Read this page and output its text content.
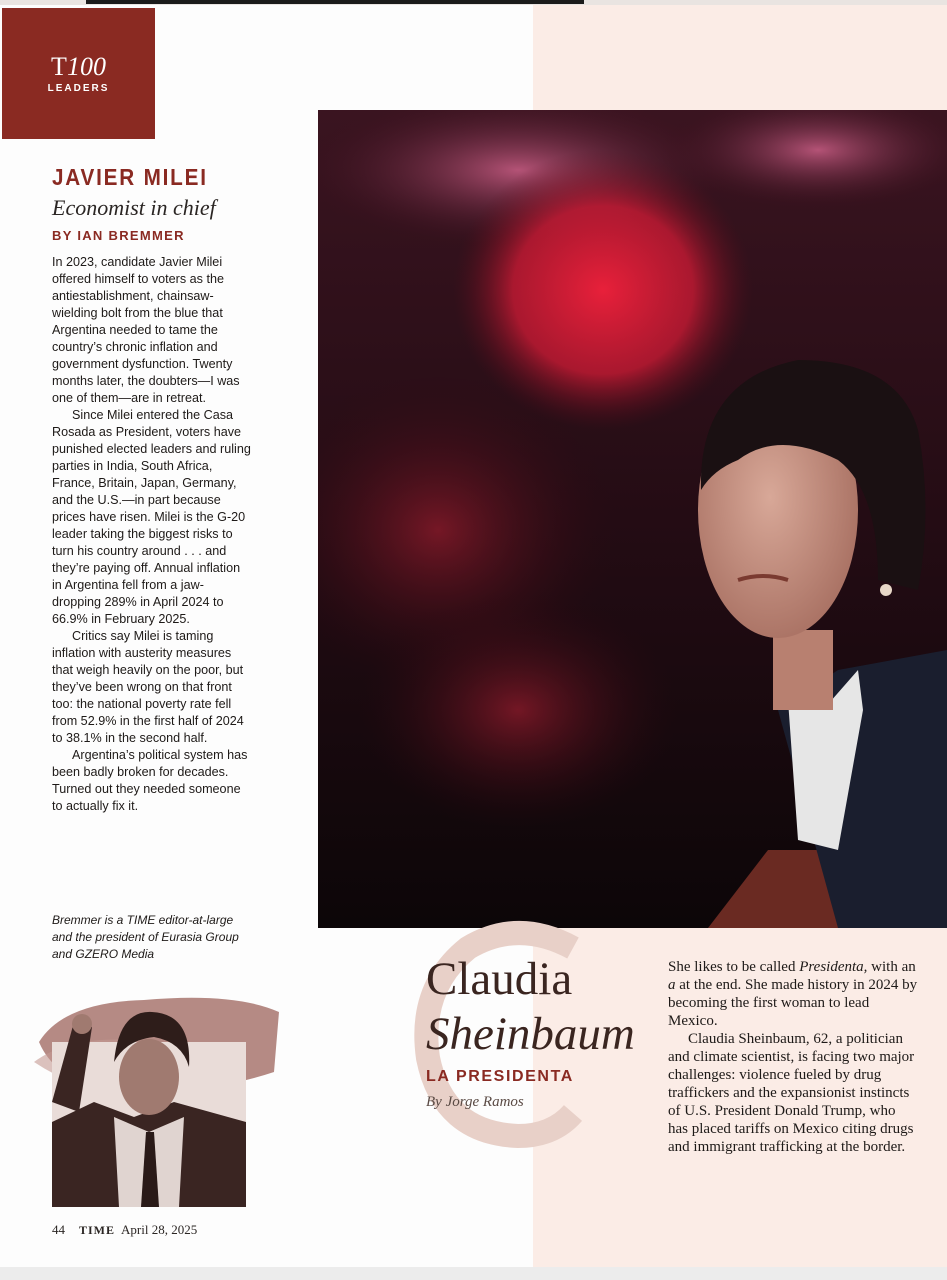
T100
LEADERS
JAVIER MILEI
Economist in chief
BY IAN BREMMER

In 2023, candidate Javier Milei offered himself to voters as the antiestablishment, chainsaw-wielding bolt from the blue that Argentina needed to tame the country’s chronic inflation and government dysfunction. Twenty months later, the doubters—I was one of them—are in retreat.

Since Milei entered the Casa Rosada as President, voters have punished elected leaders and ruling parties in India, South Africa, France, Britain, Japan, Germany, and the U.S.—in part because prices have risen. Milei is the G-20 leader taking the biggest risks to turn his country around . . . and they’re paying off. Annual inflation in Argentina fell from a jaw-dropping 289% in April 2024 to 66.9% in February 2025.

Critics say Milei is taming inflation with austerity measures that weigh heavily on the poor, but they’ve been wrong on that front too: the national poverty rate fell from 52.9% in the first half of 2024 to 38.1% in the second half.

Argentina’s political system has been badly broken for decades. Turned out they needed someone to actually fix it.

Bremmer is a TIME editor-at-large and the president of Eurasia Group and GZERO Media
44 TIME April 28, 2025
Claudia
Sheinbaum
LA PRESIDENTA
By Jorge Ramos

She likes to be called Presidenta, with an a at the end. She made history in 2024 by becoming the first woman to lead Mexico.

Claudia Sheinbaum, 62, a politician and climate scientist, is facing two major challenges: violence fueled by drug traffickers and the expansionist instincts of U.S. President Donald Trump, who has placed tariffs on Mexico citing drugs and immigrant trafficking at the border.
